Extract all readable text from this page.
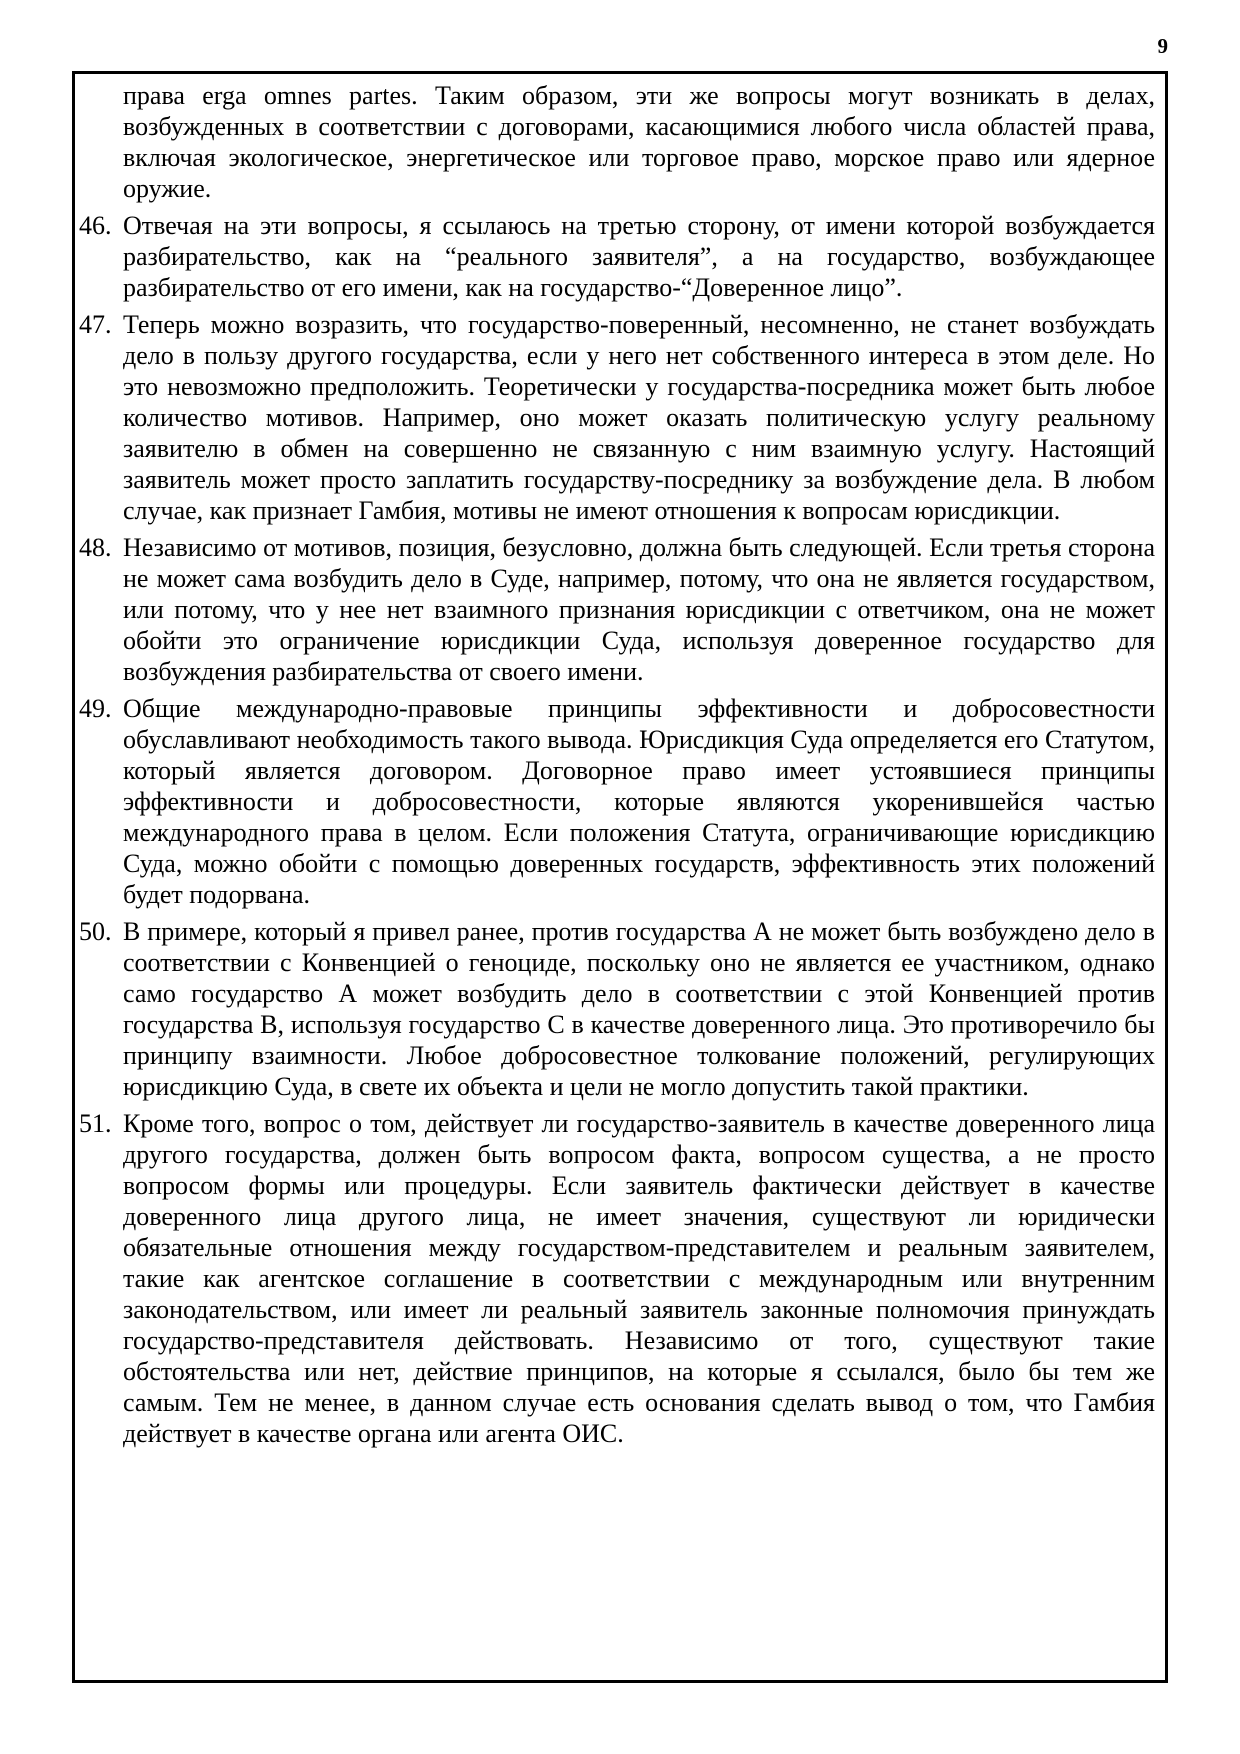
9

права erga omnes partes. Таким образом, эти же вопросы могут возникать в делах, возбужденных в соответствии с договорами, касающимися любого числа областей права, включая экологическое, энергетическое или торговое право, морское право или ядерное оружие.

46. Отвечая на эти вопросы, я ссылаюсь на третью сторону, от имени которой возбуждается разбирательство, как на “реального заявителя”, а на государство, возбуждающее разбирательство от его имени, как на государство-“Доверенное лицо”.
47. Теперь можно возразить, что государство-поверенный, несомненно, не станет возбуждать дело в пользу другого государства, если у него нет собственного интереса в этом деле. Но это невозможно предположить. Теоретически у государства-посредника может быть любое количество мотивов. Например, оно может оказать политическую услугу реальному заявителю в обмен на совершенно не связанную с ним взаимную услугу. Настоящий заявитель может просто заплатить государству-посреднику за возбуждение дела. В любом случае, как признает Гамбия, мотивы не имеют отношения к вопросам юрисдикции.
48. Независимо от мотивов, позиция, безусловно, должна быть следующей. Если третья сторона не может сама возбудить дело в Суде, например, потому, что она не является государством, или потому, что у нее нет взаимного признания юрисдикции с ответчиком, она не может обойти это ограничение юрисдикции Суда, используя доверенное государство для возбуждения разбирательства от своего имени.
49. Общие международно-правовые принципы эффективности и добросовестности обуславливают необходимость такого вывода. Юрисдикция Суда определяется его Статутом, который является договором. Договорное право имеет устоявшиеся принципы эффективности и добросовестности, которые являются укоренившейся частью международного права в целом. Если положения Статута, ограничивающие юрисдикцию Суда, можно обойти с помощью доверенных государств, эффективность этих положений будет подорвана.
50. В примере, который я привел ранее, против государства А не может быть возбуждено дело в соответствии с Конвенцией о геноциде, поскольку оно не является ее участником, однако само государство А может возбудить дело в соответствии с этой Конвенцией против государства B, используя государство C в качестве доверенного лица. Это противоречило бы принципу взаимности. Любое добросовестное толкование положений, регулирующих юрисдикцию Суда, в свете их объекта и цели не могло допустить такой практики.
51. Кроме того, вопрос о том, действует ли государство-заявитель в качестве доверенного лица другого государства, должен быть вопросом факта, вопросом существа, а не просто вопросом формы или процедуры. Если заявитель фактически действует в качестве доверенного лица другого лица, не имеет значения, существуют ли юридически обязательные отношения между государством-представителем и реальным заявителем, такие как агентское соглашение в соответствии с международным или внутренним законодательством, или имеет ли реальный заявитель законные полномочия принуждать государство-представителя действовать. Независимо от того, существуют такие обстоятельства или нет, действие принципов, на которые я ссылался, было бы тем же самым. Тем не менее, в данном случае есть основания сделать вывод о том, что Гамбия действует в качестве органа или агента ОИС.
